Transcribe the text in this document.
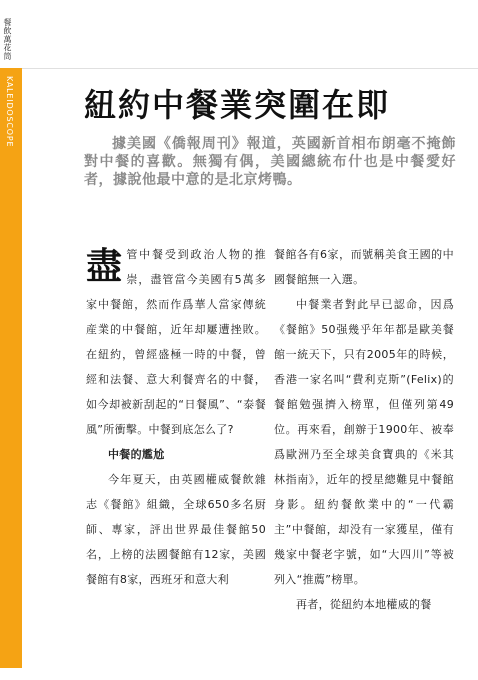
餐飲萬花筒
KALEIDOSCOPE 紐約中餐業突圍在即

據美國《僑報周刊》報道，英國新首相布朗毫不掩飾對中餐的喜歡。無獨有偶，美國總統布什也是中餐愛好者，據說他最中意的是北京烤鴨。

盡管中餐受到政治人物的推崇，盡管當今美國有5萬多家中餐館，然而作爲華人當家傳統産業的中餐館，近年却屢遭挫敗。在紐約，曾經盛極一時的中餐，曾經和法餐、意大利餐齊名的中餐，如今却被新刮起的“日餐風”、“泰餐風”所衝擊。中餐到底怎么了?

中餐的尷尬

今年夏天，由英國權威餐飲雜志《餐館》組織，全球650多名厨師、專家，評出世界最佳餐館50名，上榜的法國餐館有12家，美國餐館有8家，西班牙和意大利

餐館各有6家，而號稱美食王國的中國餐館無一入選。

中餐業者對此早已認命，因爲《餐館》50强幾乎年年都是歐美餐館一統天下，只有2005年的時候，香港一家名叫“費利克斯”(Felix)的餐館勉强擠入榜單，但僅列第49位。再來看，創辦于1900年、被奉爲歐洲乃至全球美食寶典的《米其林指南》，近年的授星總難見中餐館身影。紐約餐飲業中的“一代霸主”中餐館，却没有一家獲星，僅有幾家中餐老字號，如“大四川”等被列入“推薦”榜單。

再者，從紐約本地權威的餐
